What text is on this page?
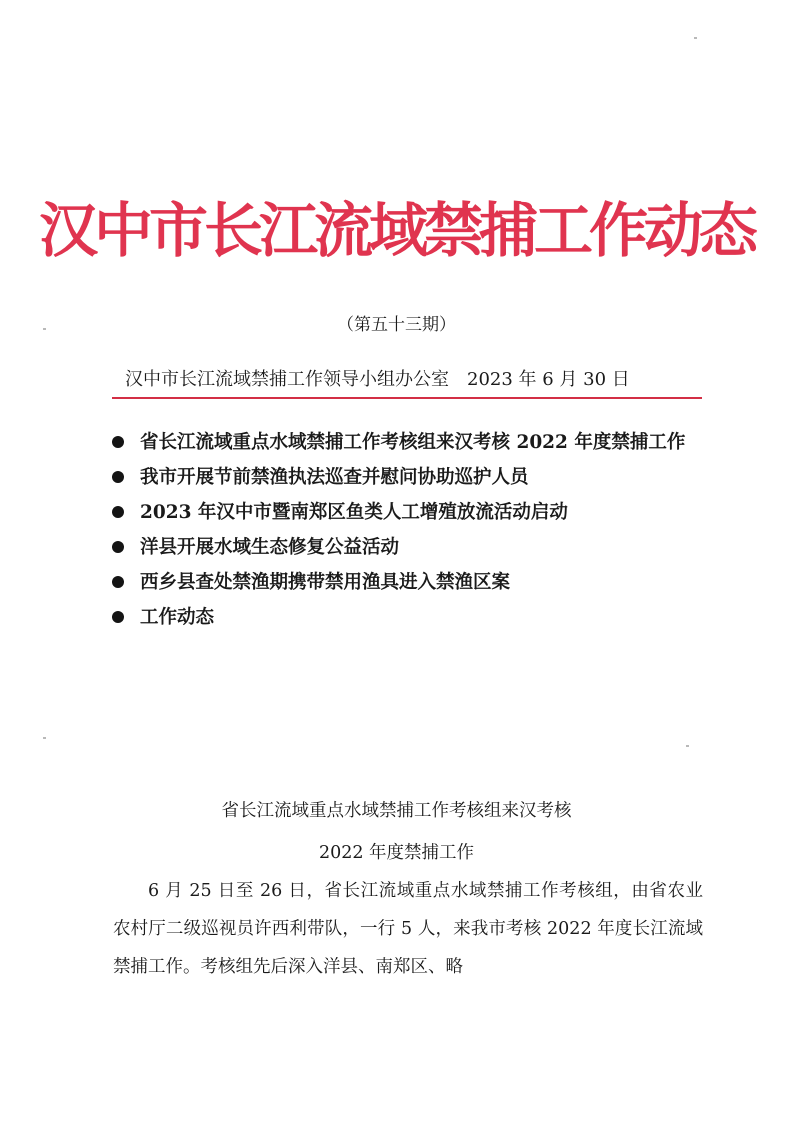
汉中市长江流域禁捕工作动态
（第五十三期）
汉中市长江流域禁捕工作领导小组办公室 2023 年 6 月 30 日
省长江流域重点水域禁捕工作考核组来汉考核 2022 年度禁捕工作
我市开展节前禁渔执法巡查并慰问协助巡护人员
2023 年汉中市暨南郑区鱼类人工增殖放流活动启动
洋县开展水域生态修复公益活动
西乡县查处禁渔期携带禁用渔具进入禁渔区案
工作动态
省长江流域重点水域禁捕工作考核组来汉考核
2022 年度禁捕工作

6 月 25 日至 26 日，省长江流域重点水域禁捕工作考核组，由省农业农村厅二级巡视员许西利带队，一行 5 人，来我市考核 2022 年度长江流域禁捕工作。考核组先后深入洋县、南郑区、略
